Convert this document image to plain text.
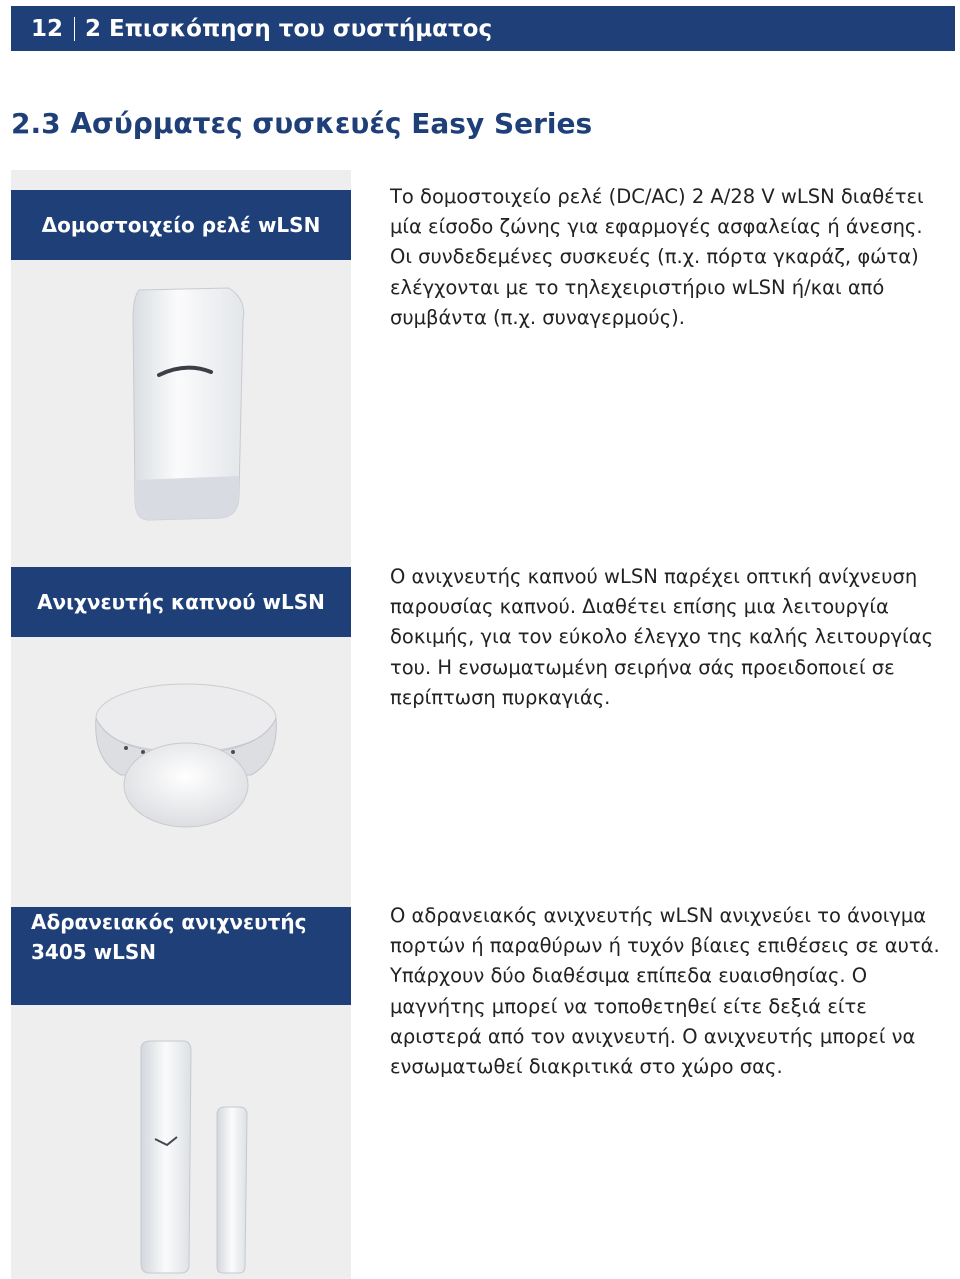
12 2 Επισκόπηση του συστήματος
2.3 Ασύρματες συσκευές Easy Series
Δομοστοιχείο ρελέ wLSN

Το δομοστοιχείο ρελέ (DC/AC) 2 A/28 V wLSN διαθέτει μία είσοδο ζώνης για εφαρμογές ασφαλείας ή άνεσης. Οι συνδεδεμένες συσκευές (π.χ. πόρτα γκαράζ, φώτα) ελέγχονται με το τηλεχειριστήριο wLSN ή/και από συμβάντα (π.χ. συναγερμούς).

Ανιχνευτής καπνού wLSN

Ο ανιχνευτής καπνού wLSN παρέχει οπτική ανίχνευση παρουσίας καπνού. Διαθέτει επίσης μια λειτουργία δοκιμής, για τον εύκολο έλεγχο της καλής λειτουργίας του. Η ενσωματωμένη σειρήνα σάς προειδοποιεί σε περίπτωση πυρκαγιάς.

Αδρανειακός ανιχνευτής
3405 wLSN

Ο αδρανειακός ανιχνευτής wLSN ανιχνεύει το άνοιγμα πορτών ή παραθύρων ή τυχόν βίαιες επιθέσεις σε αυτά. Υπάρχουν δύο διαθέσιμα επίπεδα ευαισθησίας. Ο μαγνήτης μπορεί να τοποθετηθεί είτε δεξιά είτε αριστερά από τον ανιχνευτή. Ο ανιχνευτής μπορεί να ενσωματωθεί διακριτικά στο χώρο σας.
